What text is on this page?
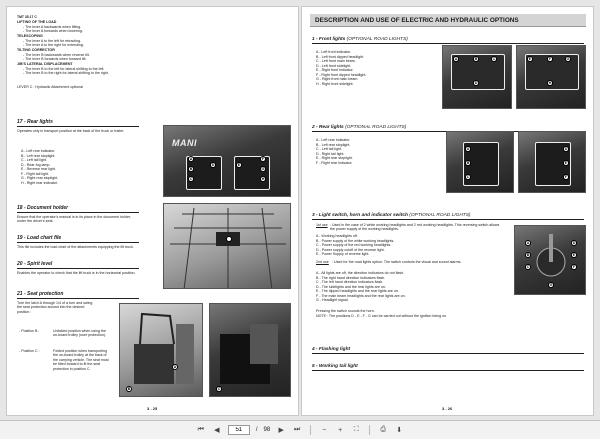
TMT 35.17 C
LIFTING OF THE LOAD
- The lever A backwards when lifting.
- The lever A forwards when lowering.
TELESCOPING
- The lever A to the left for retracting.
- The lever A to the right for extending.
TILTING CORRECTOR
- The lever B backwards when reverse tilt.
- The lever B forwards when forward tilt.
JIB'S LATERAL DISPLACEMENT
- The lever B to the left for lateral shifting to the left.
- The lever B to the right for lateral shifting to the right.
LEVER C : Hydraulic Attachment optional
17 - Rear lights
Operates only in transport position at the back of the truck or trailer.
A - Left rear indicator.
B - Left rear stoplight.
C - Left tail light.
D - Rear fog lamp.
E - Reverse rear light.
F - Right tail light.
G - Right rear stoplight.
H - Right rear indicator.
MANI
A
B
C
D	E
F
G
H
18 - Document holder
Ensure that the operator's manual is in its place in the document holder, under the driver's seat.
19 - Load chart file
This file includes the load chart of the attachments equipping the lift truck.
20 - Spirit level
Enables the operator to check that the lift truck is in the horizontal position.
21 - Seat protection
Turn the latch A through 1/4 of a turn and swing the seat protection around into the desired position :
- Position B :	Unfolded position when using the on-board trolley (user protection).
- Position C :	Folded position when transporting the on-board trolley at the back of the carrying vehicle. The seat must be tilted forward to fit the seat protection in position C.	A
B	C
3 - 25
DESCRIPTION AND USE OF ELECTRIC AND HYDRAULIC OPTIONS
1 - Front lights (OPTIONAL ROAD LIGHTS)
A - Left front indicator.
B - Left front dipped headlight.
C - Left front main beam.
D - Left front sidelight.
E - Right front indicator.
F - Right front dipped headlight.
G - Right front main beam.
H - Right front sidelight.
A	B	C
D
E	F	G
H
2 - Rear lights (OPTIONAL ROAD LIGHTS)
A - Left rear indicator.
B - Left rear stoplight.
C - Left tail light.
D - Right tail light.
E - Right rear stoplight.
F - Right rear indicator.
A
B
C
D
E
F
3 - Light switch, horn and indicator switch (OPTIONAL ROAD LIGHTS)
1st use : Used in the case of 2 white working headlights and 2 red working headlights. This reversing switch allows the power supply of the working headlights.
A - Working headlights off.
B - Power supply of the white working headlights.
C - Power supply of the red working headlights.
D - Power supply cutoff of the reverse light.
E - Power Supply of reverse light.
2nd use : Used for the road lights option. The switch controls the visual and sound alarms.
A - All lights are off, the direction indicators do not flash.
B - The right hand direction indicators flash.
C - The left hand direction indicators flash.
D - The sidelights and the rear lights are on.
E - The dipped headlights and the rear lights are on.
F - The main beam headlights and the rear lights are on.
G - Headlight signal.
Pressing the switch sounds the horn.
NOTE : The positions D - E - F - G can be carried out without the ignition being on.
A
B
C
D
E
F
G
4 - Flashing light
5 - Working tail light
3 - 26
⏮	◀
51	/ 98	▶	⏭	−	+	⛶	⎙	⬇
